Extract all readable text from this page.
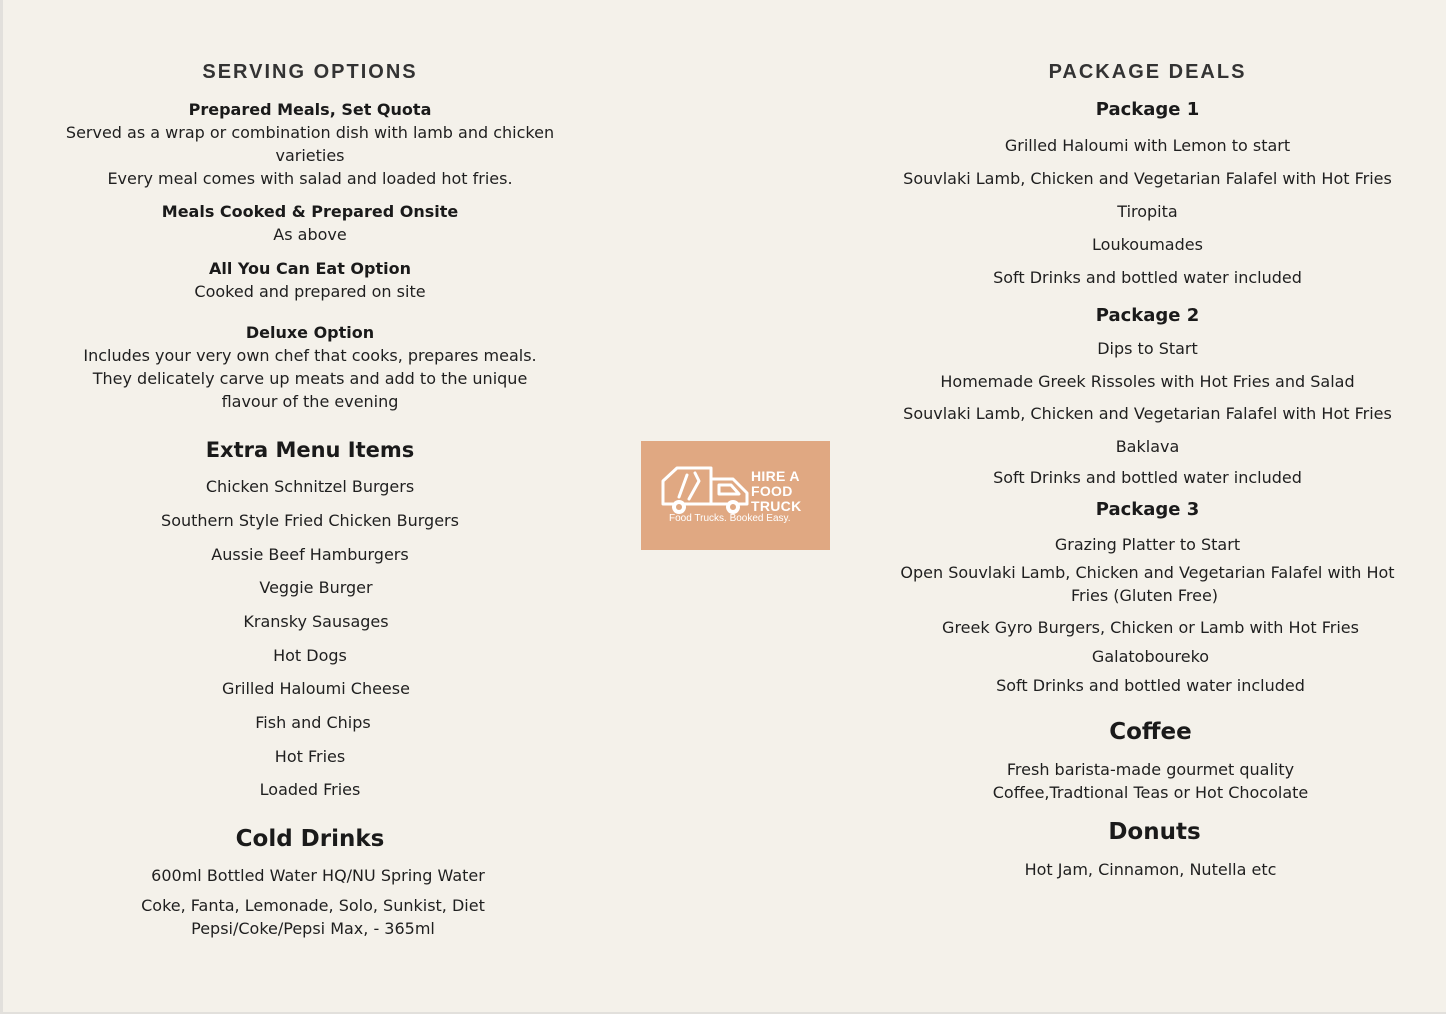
SERVING OPTIONS

Prepared Meals, Set Quota

Served as a wrap or combination dish with lamb and chicken

varieties

Every meal comes with salad and loaded hot fries.

Meals Cooked & Prepared Onsite

As above

All You Can Eat Option

Cooked and prepared on site

Deluxe Option

Includes your very own chef that cooks, prepares meals.

They delicately carve up meats and add to the unique

flavour of the evening

Extra Menu Items

Chicken Schnitzel Burgers

Southern Style Fried Chicken Burgers

Aussie Beef Hamburgers

Veggie Burger

Kransky Sausages

Hot Dogs

Grilled Haloumi Cheese

Fish and Chips

Hot Fries

Loaded Fries

Cold Drinks

600ml Bottled Water HQ/NU Spring Water

Coke, Fanta, Lemonade, Solo, Sunkist, Diet

Pepsi/Coke/Pepsi Max, - 365ml

HIRE A
FOOD
TRUCK
Food Trucks. Booked Easy.

PACKAGE DEALS

Package 1

Grilled Haloumi with Lemon to start

Souvlaki Lamb, Chicken and Vegetarian Falafel with Hot Fries

Tiropita

Loukoumades

Soft Drinks and bottled water included

Package 2

Dips to Start

Homemade Greek Rissoles with Hot Fries and Salad

Souvlaki Lamb, Chicken and Vegetarian Falafel with Hot Fries

Baklava

Soft Drinks and bottled water included

Package 3

Grazing Platter to Start

Open Souvlaki Lamb, Chicken and Vegetarian Falafel with Hot

Fries (Gluten Free)

Greek Gyro Burgers, Chicken or Lamb with Hot Fries

Galatoboureko

Soft Drinks and bottled water included

Coffee

Fresh barista-made gourmet quality

Coffee,Tradtional Teas or Hot Chocolate

Donuts

Hot Jam, Cinnamon, Nutella etc
